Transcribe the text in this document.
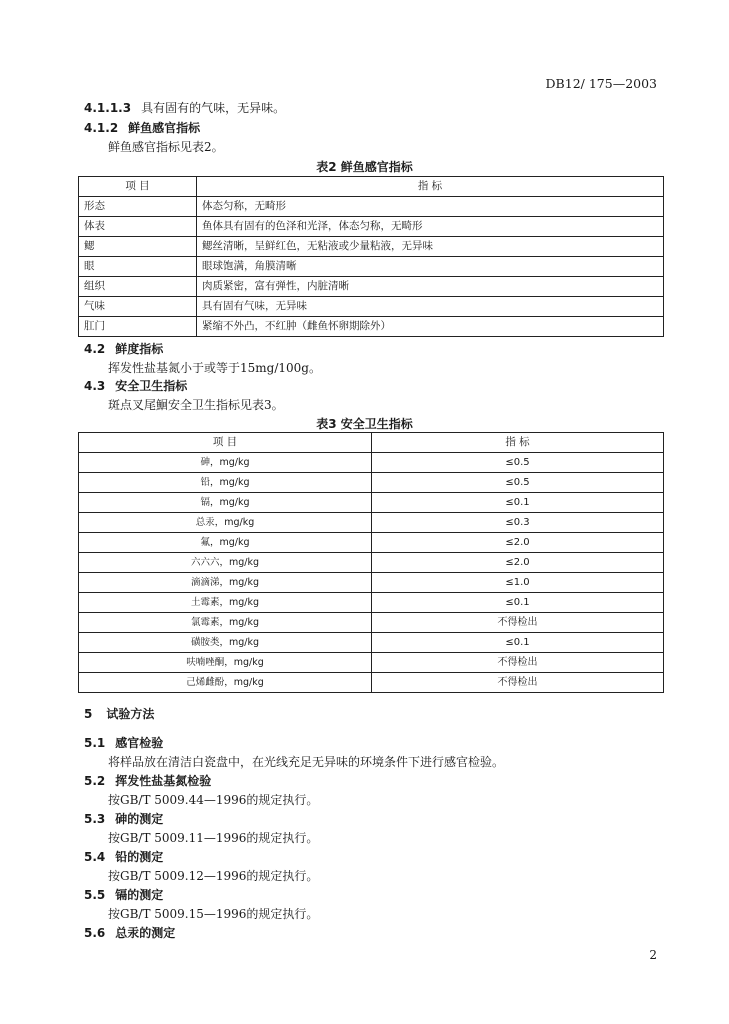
DB12/ 175—2003
4.1.1.3 具有固有的气味，无异味。
4.1.2 鲜鱼感官指标
鲜鱼感官指标见表2。
表2 鲜鱼感官指标
项 目	指 标
形态	体态匀称，无畸形
体表	鱼体具有固有的色泽和光泽，体态匀称，无畸形
鳃	鳃丝清晰，呈鲜红色，无粘液或少量粘液，无异味
眼	眼球饱满，角膜清晰
组织	肉质紧密，富有弹性，内脏清晰
气味	具有固有气味，无异味
肛门	紧缩不外凸，不红肿（雌鱼怀卵期除外）
4.2 鲜度指标
挥发性盐基氮小于或等于15mg/100g。
4.3 安全卫生指标
斑点叉尾鮰安全卫生指标见表3。
表3 安全卫生指标
项 目	指 标
砷，mg/kg	≤0.5
铅，mg/kg	≤0.5
镉，mg/kg	≤0.1
总汞，mg/kg	≤0.3
氟，mg/kg	≤2.0
六六六，mg/kg	≤2.0
滴滴涕，mg/kg	≤1.0
土霉素，mg/kg	≤0.1
氯霉素，mg/kg	不得检出
磺胺类，mg/kg	≤0.1
呋喃唑酮，mg/kg	不得检出
己烯雌酚，mg/kg	不得检出
5 试验方法
5.1 感官检验
将样品放在清洁白瓷盘中，在光线充足无异味的环境条件下进行感官检验。
5.2 挥发性盐基氮检验
按GB/T 5009.44—1996的规定执行。
5.3 砷的测定
按GB/T 5009.11—1996的规定执行。
5.4 铅的测定
按GB/T 5009.12—1996的规定执行。
5.5 镉的测定
按GB/T 5009.15—1996的规定执行。
5.6 总汞的测定
2
